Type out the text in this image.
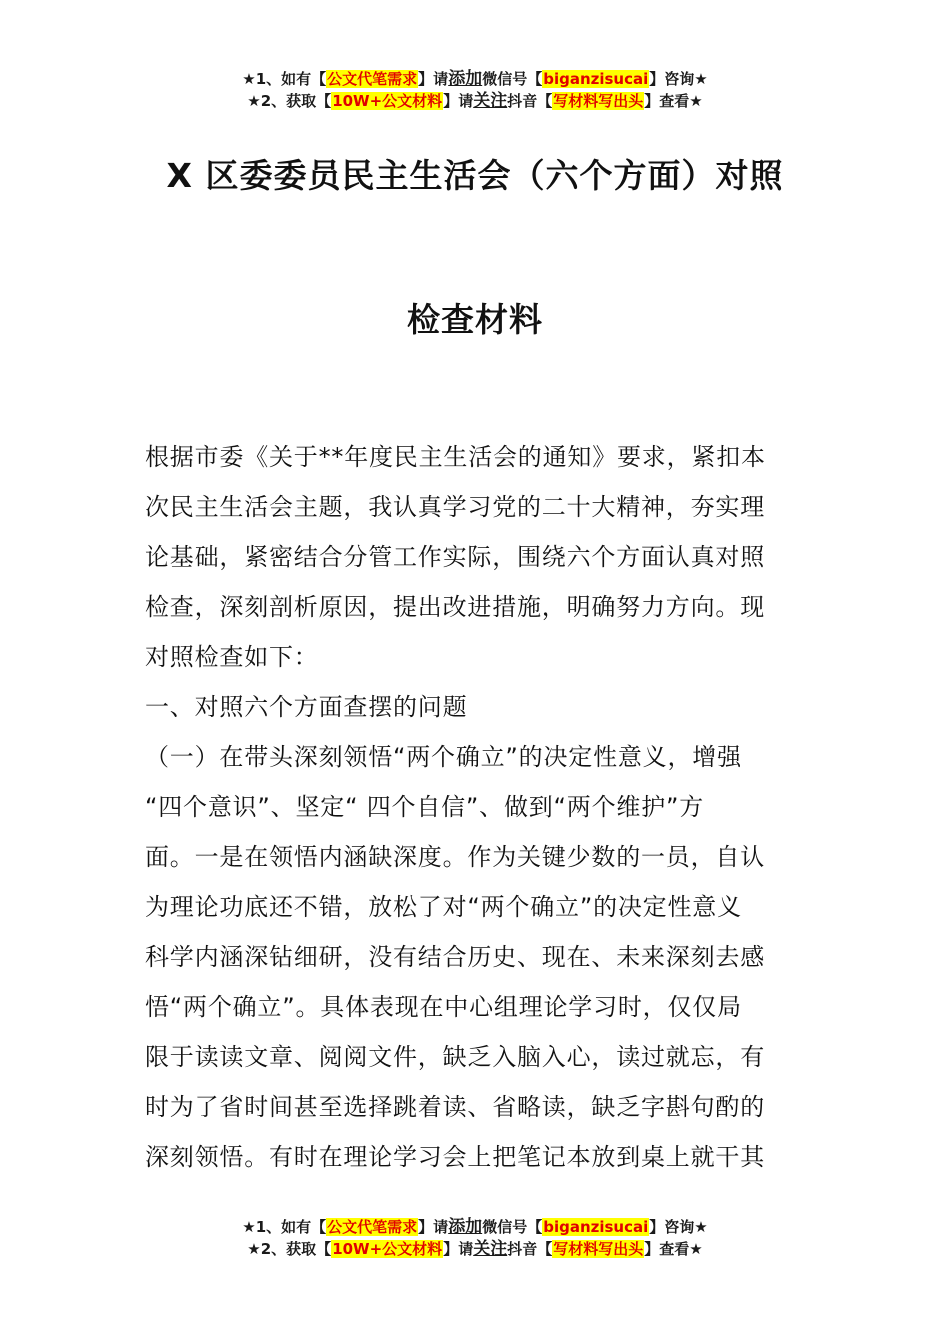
★1、如有【公文代笔需求】请添加微信号【biganzisucai】咨询★
★2、获取【10W+公文材料】请关注抖音【写材料写出头】查看★
X 区委委员民主生活会（六个方面）对照
检查材料

根据市委《关于**年度民主生活会的通知》要求，紧扣本

次民主生活会主题，我认真学习党的二十大精神，夯实理

论基础，紧密结合分管工作实际，围绕六个方面认真对照

检查，深刻剖析原因，提出改进措施，明确努力方向。现

对照检查如下：

一、对照六个方面查摆的问题

（一）在带头深刻领悟“两个确立”的决定性意义，增强

“四个意识”、坚定“ 四个自信”、做到“两个维护”方

面。一是在领悟内涵缺深度。作为关键少数的一员，自认

为理论功底还不错，放松了对“两个确立”的决定性意义

科学内涵深钻细研，没有结合历史、现在、未来深刻去感

悟“两个确立”。具体表现在中心组理论学习时，仅仅局

限于读读文章、阅阅文件，缺乏入脑入心，读过就忘，有

时为了省时间甚至选择跳着读、省略读，缺乏字斟句酌的

深刻领悟。有时在理论学习会上把笔记本放到桌上就干其

★1、如有【公文代笔需求】请添加微信号【biganzisucai】咨询★
★2、获取【10W+公文材料】请关注抖音【写材料写出头】查看★
